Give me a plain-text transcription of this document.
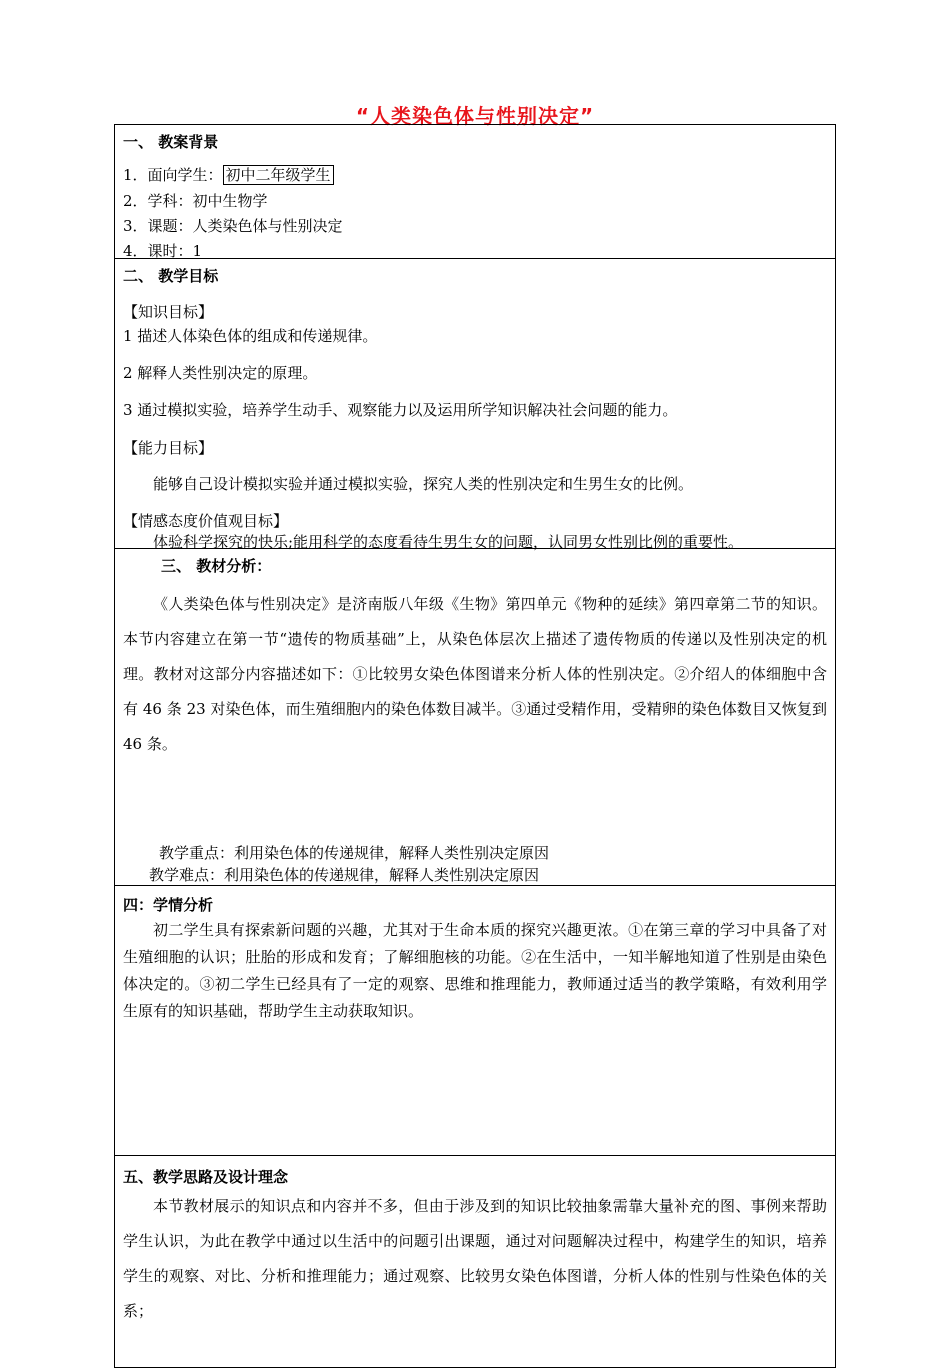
“人类染色体与性别决定”
一、 教案背景
1．面向学生： 初中二年级学生
2．学科：初中生物学
3．课题：人类染色体与性别决定
4．课时：1
二、 教学目标
【知识目标】
1 描述人体染色体的组成和传递规律。
2 解释人类性别决定的原理。
3 通过模拟实验，培养学生动手、观察能力以及运用所学知识解决社会问题的能力。
【能力目标】
能够自己设计模拟实验并通过模拟实验，探究人类的性别决定和生男生女的比例。
【情感态度价值观目标】
体验科学探究的快乐;能用科学的态度看待生男生女的问题，认同男女性别比例的重要性。
三、 教材分析：
《人类染色体与性别决定》是济南版八年级《生物》第四单元《物种的延续》第四章第二节的知识。本节内容建立在第一节“遗传的物质基础”上，从染色体层次上描述了遗传物质的传递以及性别决定的机理。教材对这部分内容描述如下：①比较男女染色体图谱来分析人体的性别决定。②介绍人的体细胞中含有 46 条 23 对染色体，而生殖细胞内的染色体数目减半。③通过受精作用，受精卵的染色体数目又恢复到 46 条。
教学重点：利用染色体的传递规律，解释人类性别决定原因
教学难点：利用染色体的传递规律，解释人类性别决定原因
四：学情分析
初二学生具有探索新问题的兴趣，尤其对于生命本质的探究兴趣更浓。①在第三章的学习中具备了对生殖细胞的认识；肚胎的形成和发育；了解细胞核的功能。②在生活中，一知半解地知道了性别是由染色体决定的。③初二学生已经具有了一定的观察、思维和推理能力，教师通过适当的教学策略，有效利用学生原有的知识基础，帮助学生主动获取知识。
五、教学思路及设计理念
本节教材展示的知识点和内容并不多，但由于涉及到的知识比较抽象需靠大量补充的图、事例来帮助学生认识，为此在教学中通过以生活中的问题引出课题，通过对问题解决过程中，构建学生的知识，培养学生的观察、对比、分析和推理能力；通过观察、比较男女染色体图谱，分析人体的性别与性染色体的关系；
